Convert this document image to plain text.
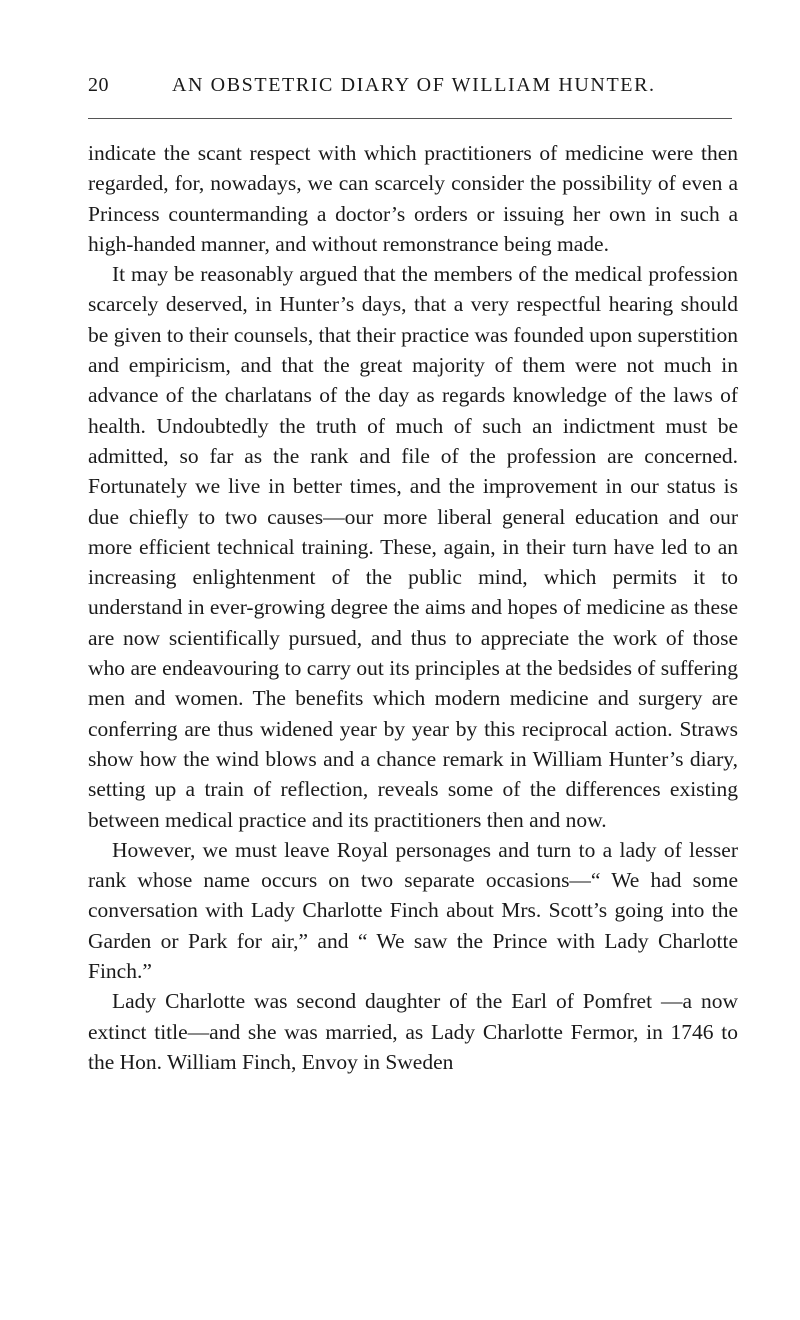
20	AN OBSTETRIC DIARY OF WILLIAM HUNTER.

indicate the scant respect with which practitioners of medicine were then regarded, for, nowadays, we can scarcely consider the possibility of even a Princess countermanding a doctor’s orders or issuing her own in such a high-handed manner, and without remonstrance being made.

It may be reasonably argued that the members of the medical profession scarcely deserved, in Hunter’s days, that a very respectful hearing should be given to their counsels, that their practice was founded upon superstition and empiricism, and that the great majority of them were not much in advance of the charlatans of the day as regards knowledge of the laws of health. Undoubtedly the truth of much of such an indictment must be admitted, so far as the rank and file of the profession are concerned. Fortunately we live in better times, and the improvement in our status is due chiefly to two causes—our more liberal general education and our more efficient technical training. These, again, in their turn have led to an increasing enlightenment of the public mind, which permits it to understand in ever-growing degree the aims and hopes of medicine as these are now scientifically pursued, and thus to appreciate the work of those who are endeavouring to carry out its principles at the bedsides of suffering men and women. The benefits which modern medicine and surgery are conferring are thus widened year by year by this reciprocal action. Straws show how the wind blows and a chance remark in William Hunter’s diary, setting up a train of reflection, reveals some of the differences existing between medical practice and its practitioners then and now.

However, we must leave Royal personages and turn to a lady of lesser rank whose name occurs on two separate occasions—“ We had some conversation with Lady Charlotte Finch about Mrs. Scott’s going into the Garden or Park for air,” and “ We saw the Prince with Lady Charlotte Finch.”

Lady Charlotte was second daughter of the Earl of Pomfret —a now extinct title—and she was married, as Lady Charlotte Fermor, in 1746 to the Hon. William Finch, Envoy in Sweden
